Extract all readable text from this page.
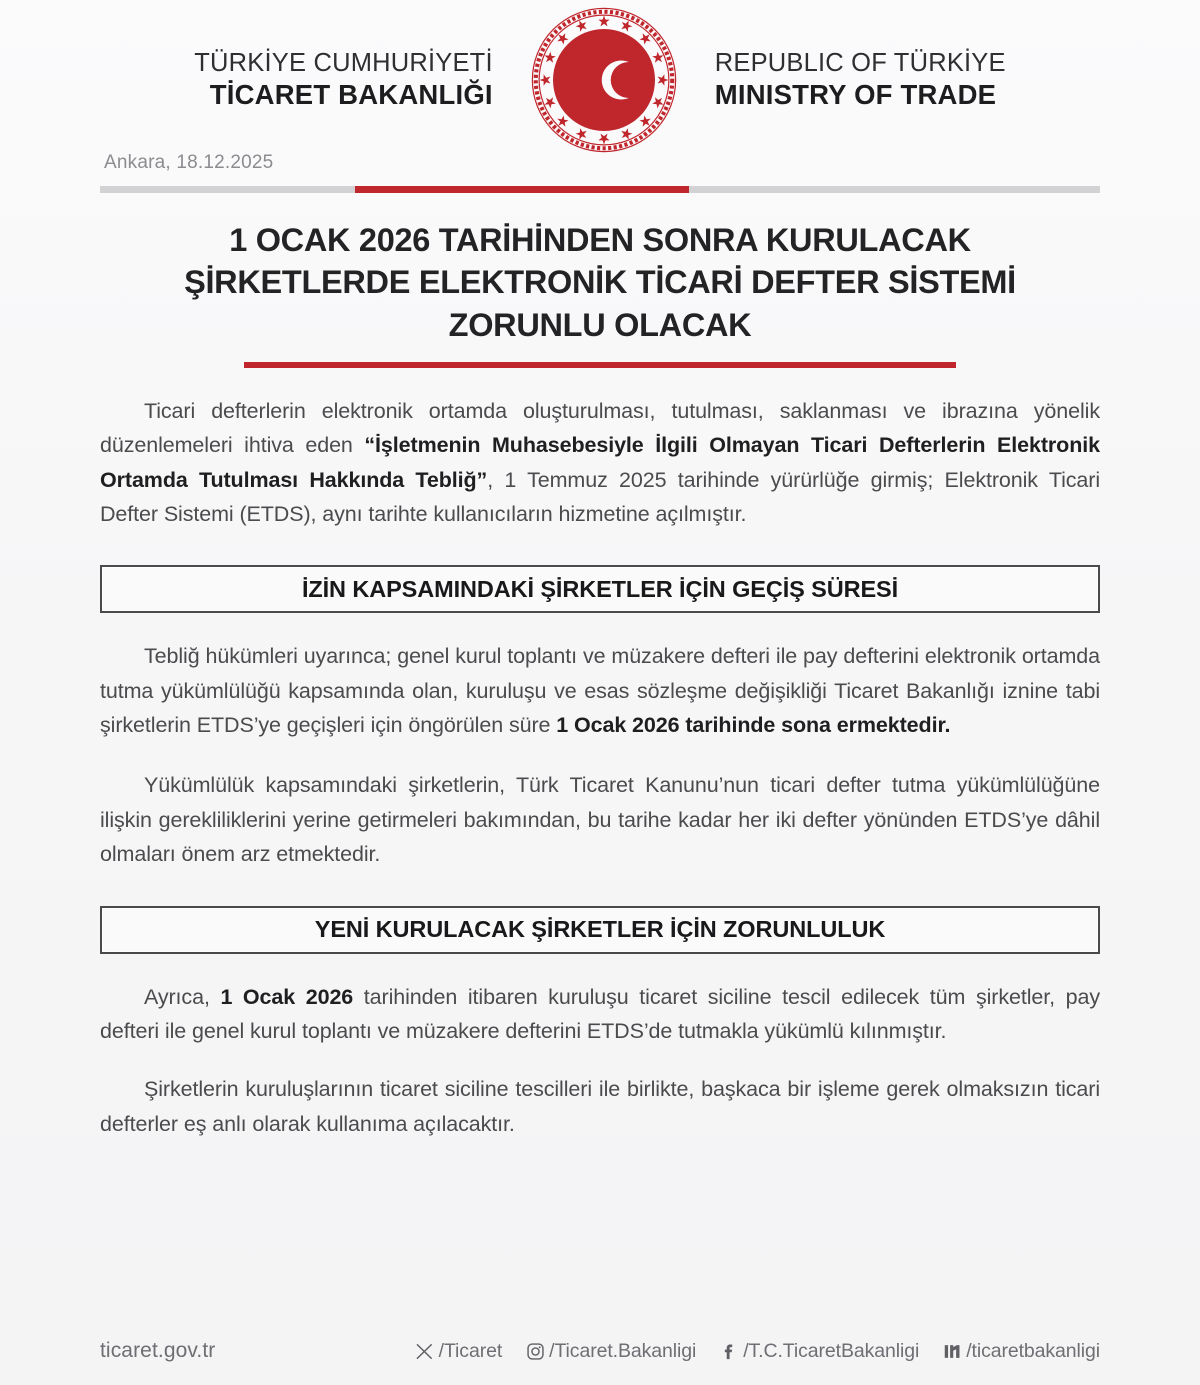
TÜRKİYE CUMHURİYETİ
TİCARET BAKANLIĞI
REPUBLIC OF TÜRKİYE
MINISTRY OF TRADE
Ankara, 18.12.2025
1 OCAK 2026 TARİHİNDEN SONRA KURULACAK
ŞİRKETLERDE ELEKTRONİK TİCARİ DEFTER SİSTEMİ
ZORUNLU OLACAK

Ticari defterlerin elektronik ortamda oluşturulması, tutulması, saklanması ve ibrazına yönelik düzenlemeleri ihtiva eden “İşletmenin Muhasebesiyle İlgili Olmayan Ticari Defterlerin Elektronik Ortamda Tutulması Hakkında Tebliğ”, 1 Temmuz 2025 tarihinde yürürlüğe girmiş; Elektronik Ticari Defter Sistemi (ETDS), aynı tarihte kullanıcıların hizmetine açılmıştır.

İZİN KAPSAMINDAKİ ŞİRKETLER İÇİN GEÇİŞ SÜRESİ

Tebliğ hükümleri uyarınca; genel kurul toplantı ve müzakere defteri ile pay defterini elektronik ortamda tutma yükümlülüğü kapsamında olan, kuruluşu ve esas sözleşme değişikliği Ticaret Bakanlığı iznine tabi şirketlerin ETDS’ye geçişleri için öngörülen süre 1 Ocak 2026 tarihinde sona ermektedir.

Yükümlülük kapsamındaki şirketlerin, Türk Ticaret Kanunu’nun ticari defter tutma yükümlülüğüne ilişkin gerekliliklerini yerine getirmeleri bakımından, bu tarihe kadar her iki defter yönünden ETDS’ye dâhil olmaları önem arz etmektedir.

YENİ KURULACAK ŞİRKETLER İÇİN ZORUNLULUK

Ayrıca, 1 Ocak 2026 tarihinden itibaren kuruluşu ticaret siciline tescil edilecek tüm şirketler, pay defteri ile genel kurul toplantı ve müzakere defterini ETDS’de tutmakla yükümlü kılınmıştır.

Şirketlerin kuruluşlarının ticaret siciline tescilleri ile birlikte, başkaca bir işleme gerek olmaksızın ticari defterler eş anlı olarak kullanıma açılacaktır.

ticaret.gov.tr	/Ticaret /Ticaret.Bakanligi /T.C.TicaretBakanligi /ticaretbakanligi
